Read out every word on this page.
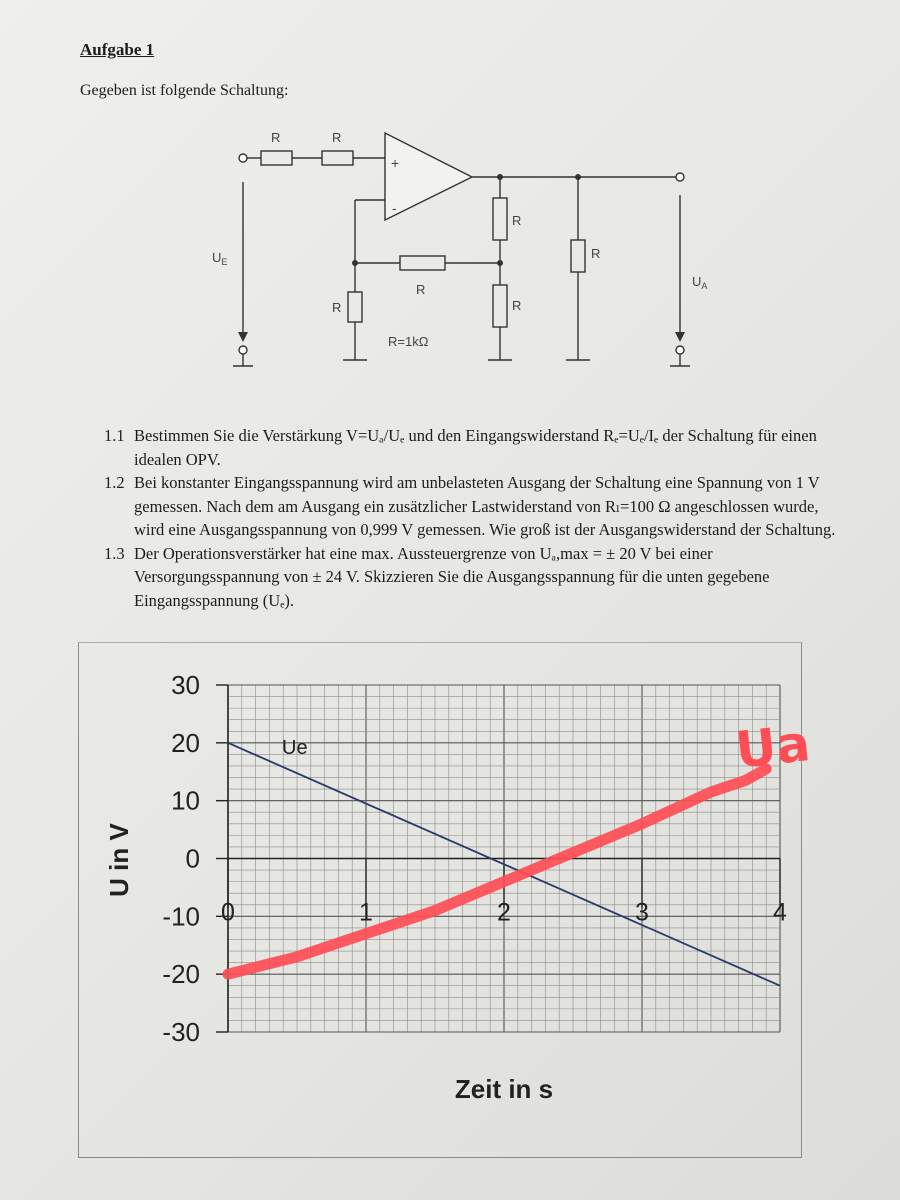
Aufgabe 1
Gegeben ist folgende Schaltung:
R	R
+
-
R
R
R
R
R
$U_E$
$U_A$
R=1kΩ
1.1 Bestimmen Sie die Verstärkung V=Uₐ/Uₑ und den Eingangswiderstand Rₑ=Uₑ/Iₑ der Schaltung für einen idealen OPV.
1.2 Bei konstanter Eingangsspannung wird am unbelasteten Ausgang der Schaltung eine Spannung von 1 V gemessen. Nach dem am Ausgang ein zusätzlicher Lastwiderstand von Rₗ=100 Ω angeschlossen wurde, wird eine Ausgangsspannung von 0,999 V gemessen. Wie groß ist der Ausgangswiderstand der Schaltung.
1.3 Der Operationsverstärker hat eine max. Aussteuergrenze von Uₐ,max = ± 20 V bei einer Versorgungsspannung von ± 24 V. Skizzieren Sie die Ausgangsspannung für die unten gegebene Eingangsspannung (Uₑ).
30
20
10
0
-10
-20
-30
0	1	2	3	4
Ue	Ua
U in V
Zeit in s
